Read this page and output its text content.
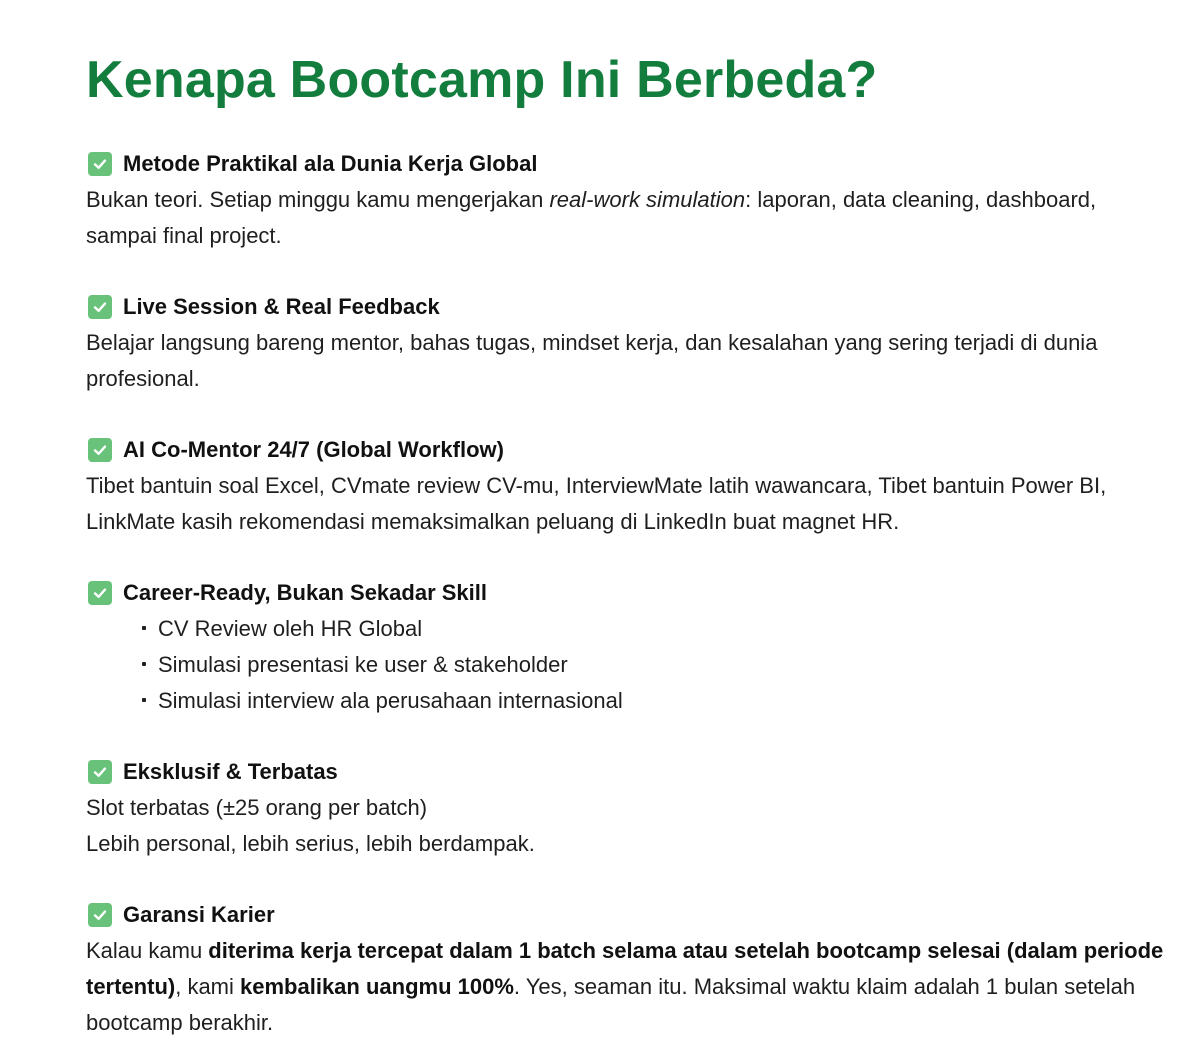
Kenapa Bootcamp Ini Berbeda?
Metode Praktikal ala Dunia Kerja Global

Bukan teori. Setiap minggu kamu mengerjakan real-work simulation: laporan, data cleaning, dashboard, sampai final project.

Live Session & Real Feedback

Belajar langsung bareng mentor, bahas tugas, mindset kerja, dan kesalahan yang sering terjadi di dunia profesional.

AI Co-Mentor 24/7 (Global Workflow)

Tibet bantuin soal Excel, CVmate review CV-mu, InterviewMate latih wawancara, Tibet bantuin Power BI, LinkMate kasih rekomendasi memaksimalkan peluang di LinkedIn buat magnet HR.

Career-Ready, Bukan Sekadar Skill
CV Review oleh HR Global
Simulasi presentasi ke user & stakeholder
Simulasi interview ala perusahaan internasional
Eksklusif & Terbatas

Slot terbatas (±25 orang per batch)

Lebih personal, lebih serius, lebih berdampak.

Garansi Karier

Kalau kamu diterima kerja tercepat dalam 1 batch selama atau setelah bootcamp selesai (dalam periode tertentu), kami kembalikan uangmu 100%. Yes, seaman itu. Maksimal waktu klaim adalah 1 bulan setelah bootcamp berakhir.
